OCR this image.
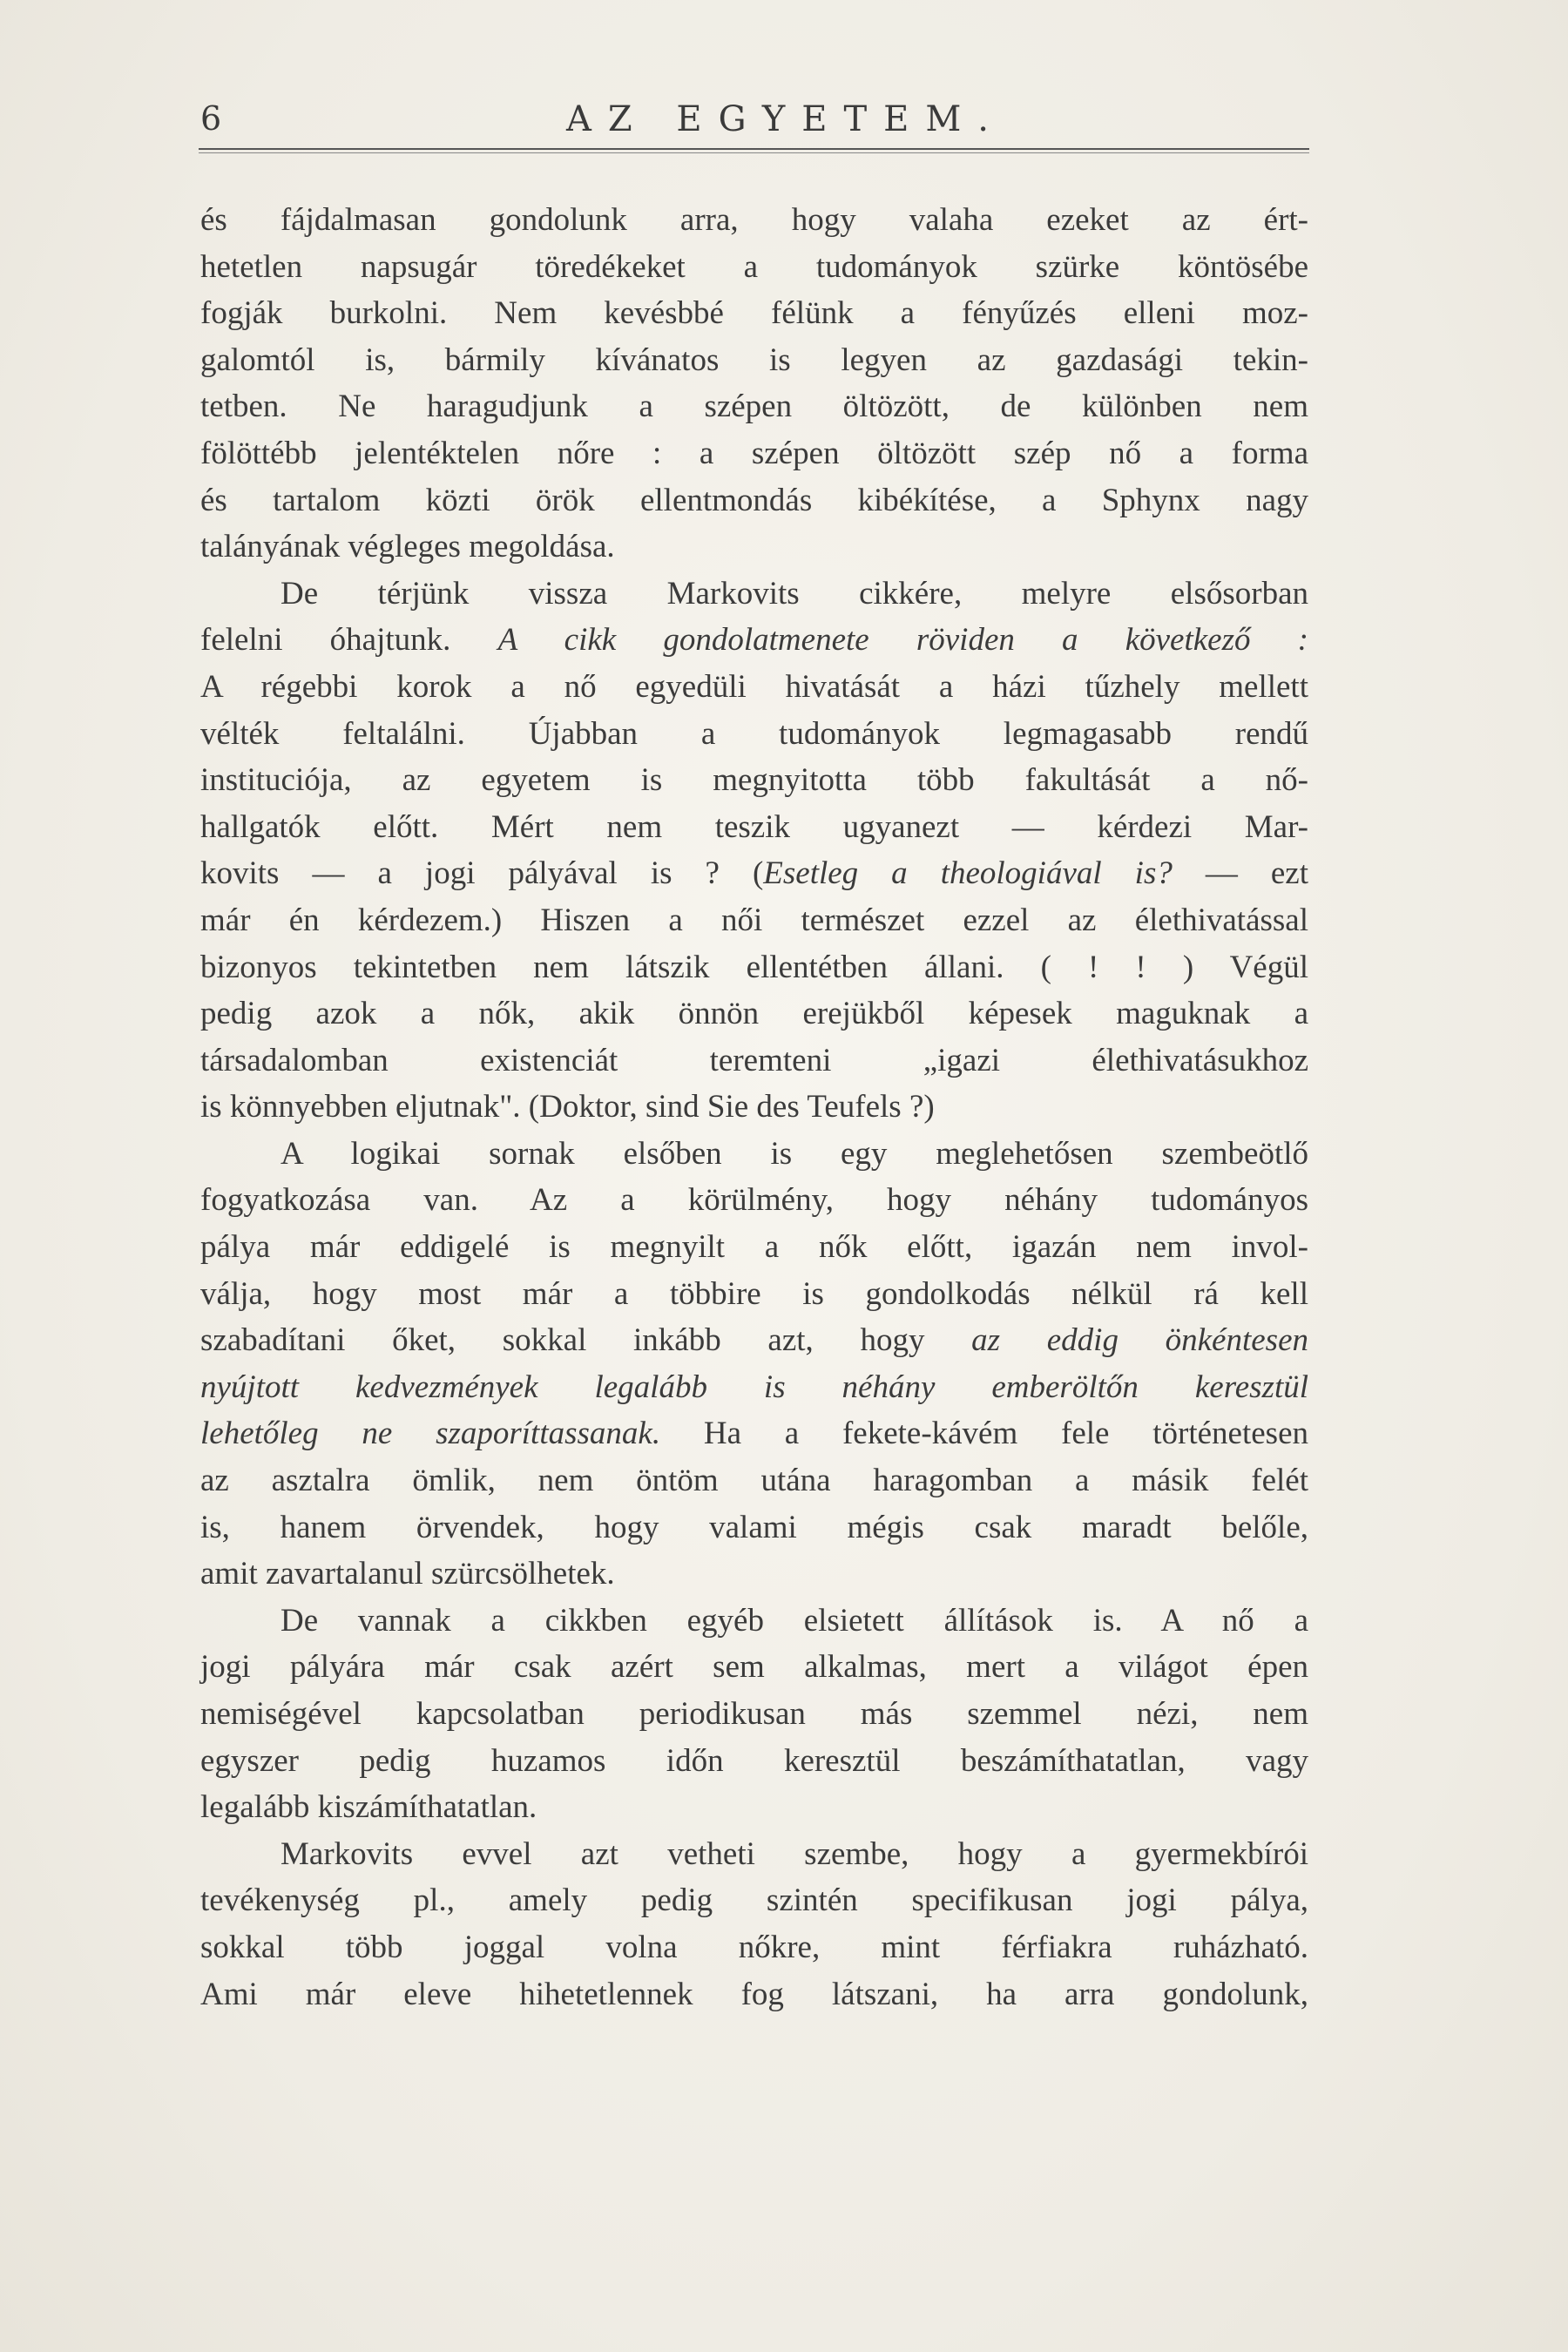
6	AZ EGYETEM.
és fájdalmasan gondolunk arra, hogy valaha ezeket az ért-
hetetlen napsugár töredékeket a tudományok szürke köntösébe
fogják burkolni. Nem kevésbbé félünk a fényűzés elleni moz-
galomtól is, bármily kívánatos is legyen az gazdasági tekin-
tetben. Ne haragudjunk a szépen öltözött, de különben nem
fölöttébb jelentéktelen nőre : a szépen öltözött szép nő a forma
és tartalom közti örök ellentmondás kibékítése, a Sphynx nagy
talányának végleges megoldása.
De térjünk vissza Markovits cikkére, melyre elsősorban
felelni óhajtunk. A cikk gondolatmenete röviden a következő :
A régebbi korok a nő egyedüli hivatását a házi tűzhely mellett
vélték feltalálni. Újabban a tudományok legmagasabb rendű
instituciója, az egyetem is megnyitotta több fakultását a nő-
hallgatók előtt. Mért nem teszik ugyanezt — kérdezi Mar-
kovits — a jogi pályával is ? (Esetleg a theologiával is? — ezt
már én kérdezem.) Hiszen a női természet ezzel az élethivatással
bizonyos tekintetben nem látszik ellentétben állani. ( ! ! ) Végül
pedig azok a nők, akik önnön erejükből képesek maguknak a
társadalomban existenciát teremteni „igazi élethivatásukhoz
is könnyebben eljutnak". (Doktor, sind Sie des Teufels ?)
A logikai sornak elsőben is egy meglehetősen szembeötlő
fogyatkozása van. Az a körülmény, hogy néhány tudományos
pálya már eddigelé is megnyilt a nők előtt, igazán nem invol-
válja, hogy most már a többire is gondolkodás nélkül rá kell
szabadítani őket, sokkal inkább azt, hogy az eddig önkéntesen
nyújtott kedvezmények legalább is néhány emberöltőn keresztül
lehetőleg ne szaporíttassanak. Ha a fekete-kávém fele történetesen
az asztalra ömlik, nem öntöm utána haragomban a másik felét
is, hanem örvendek, hogy valami mégis csak maradt belőle,
amit zavartalanul szürcsölhetek.
De vannak a cikkben egyéb elsietett állítások is. A nő a
jogi pályára már csak azért sem alkalmas, mert a világot épen
nemiségével kapcsolatban periodikusan más szemmel nézi, nem
egyszer pedig huzamos időn keresztül beszámíthatatlan, vagy
legalább kiszámíthatatlan.
Markovits evvel azt vetheti szembe, hogy a gyermekbírói
tevékenység pl., amely pedig szintén specifikusan jogi pálya,
sokkal több joggal volna nőkre, mint férfiakra ruházható.
Ami már eleve hihetetlennek fog látszani, ha arra gondolunk,
